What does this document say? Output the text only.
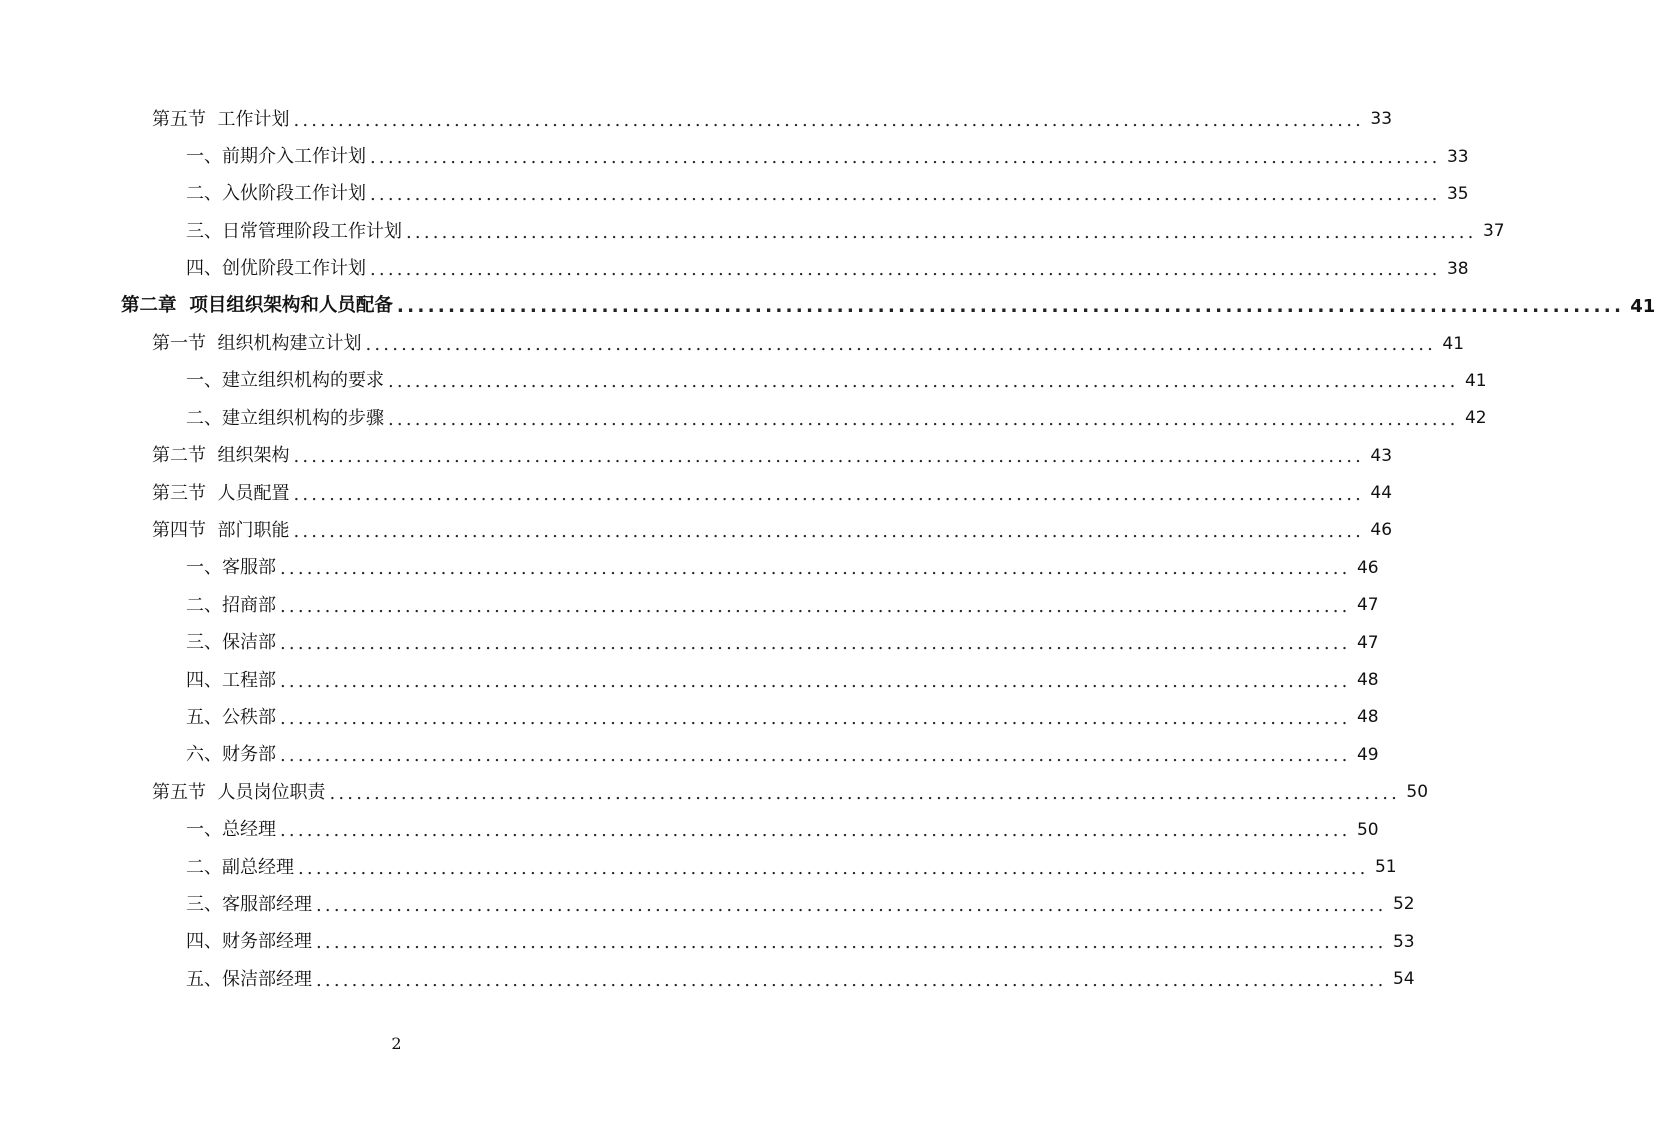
第五节  工作计划 ........................................................................................................................ 33
一、前期介入工作计划 ........................................................................................................................ 33
二、入伙阶段工作计划 ........................................................................................................................ 35
三、日常管理阶段工作计划 ........................................................................................................................ 37
四、创优阶段工作计划 ........................................................................................................................ 38
第二章  项目组织架构和人员配备 ........................................................................................................................ 41
第一节  组织机构建立计划 ........................................................................................................................ 41
一、建立组织机构的要求 ........................................................................................................................ 41
二、建立组织机构的步骤 ........................................................................................................................ 42
第二节  组织架构 ........................................................................................................................ 43
第三节  人员配置 ........................................................................................................................ 44
第四节  部门职能 ........................................................................................................................ 46
一、客服部 ........................................................................................................................ 46
二、招商部 ........................................................................................................................ 47
三、保洁部 ........................................................................................................................ 47
四、工程部 ........................................................................................................................ 48
五、公秩部 ........................................................................................................................ 48
六、财务部 ........................................................................................................................ 49
第五节  人员岗位职责 ........................................................................................................................ 50
一、总经理 ........................................................................................................................ 50
二、副总经理 ........................................................................................................................ 51
三、客服部经理 ........................................................................................................................ 52
四、财务部经理 ........................................................................................................................ 53
五、保洁部经理 ........................................................................................................................ 54
2
